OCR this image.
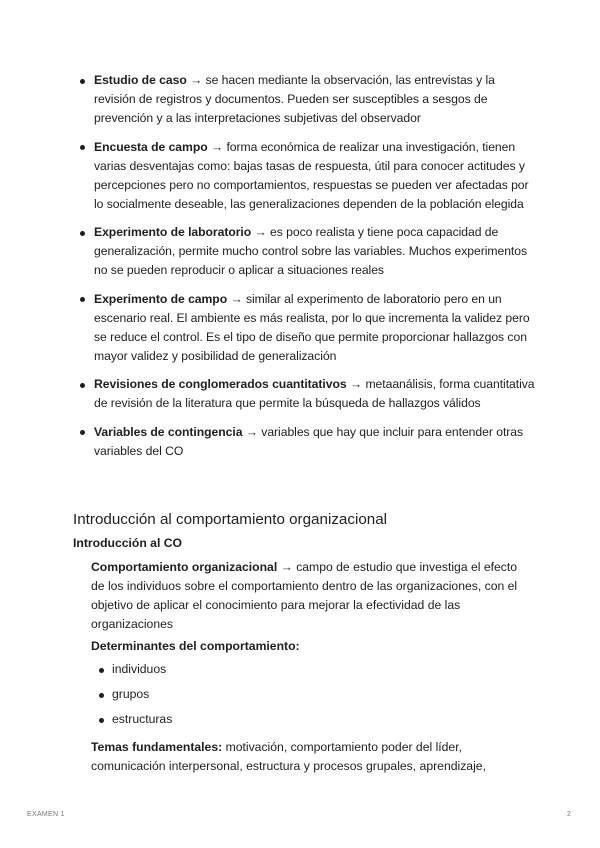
Estudio de caso → se hacen mediante la observación, las entrevistas y la revisión de registros y documentos. Pueden ser susceptibles a sesgos de prevención y a las interpretaciones subjetivas del observador
Encuesta de campo → forma económica de realizar una investigación, tienen varias desventajas como: bajas tasas de respuesta, útil para conocer actitudes y percepciones pero no comportamientos, respuestas se pueden ver afectadas por lo socialmente deseable, las generalizaciones dependen de la población elegida
Experimento de laboratorio → es poco realista y tiene poca capacidad de generalización, permite mucho control sobre las variables. Muchos experimentos no se pueden reproducir o aplicar a situaciones reales
Experimento de campo → similar al experimento de laboratorio pero en un escenario real. El ambiente es más realista, por lo que incrementa la validez pero se reduce el control. Es el tipo de diseño que permite proporcionar hallazgos con mayor validez y posibilidad de generalización
Revisiones de conglomerados cuantitativos → metaanálisis, forma cuantitativa de revisión de la literatura que permite la búsqueda de hallazgos válidos
Variables de contingencia → variables que hay que incluir para entender otras variables del CO
Introducción al comportamiento organizacional
Introducción al CO

Comportamiento organizacional → campo de estudio que investiga el efecto de los individuos sobre el comportamiento dentro de las organizaciones, con el objetivo de aplicar el conocimiento para mejorar la efectividad de las organizaciones

Determinantes del comportamiento:

individuos
grupos
estructuras

Temas fundamentales: motivación, comportamiento poder del líder, comunicación interpersonal, estructura y procesos grupales, aprendizaje,

EXAMEN 1	2
